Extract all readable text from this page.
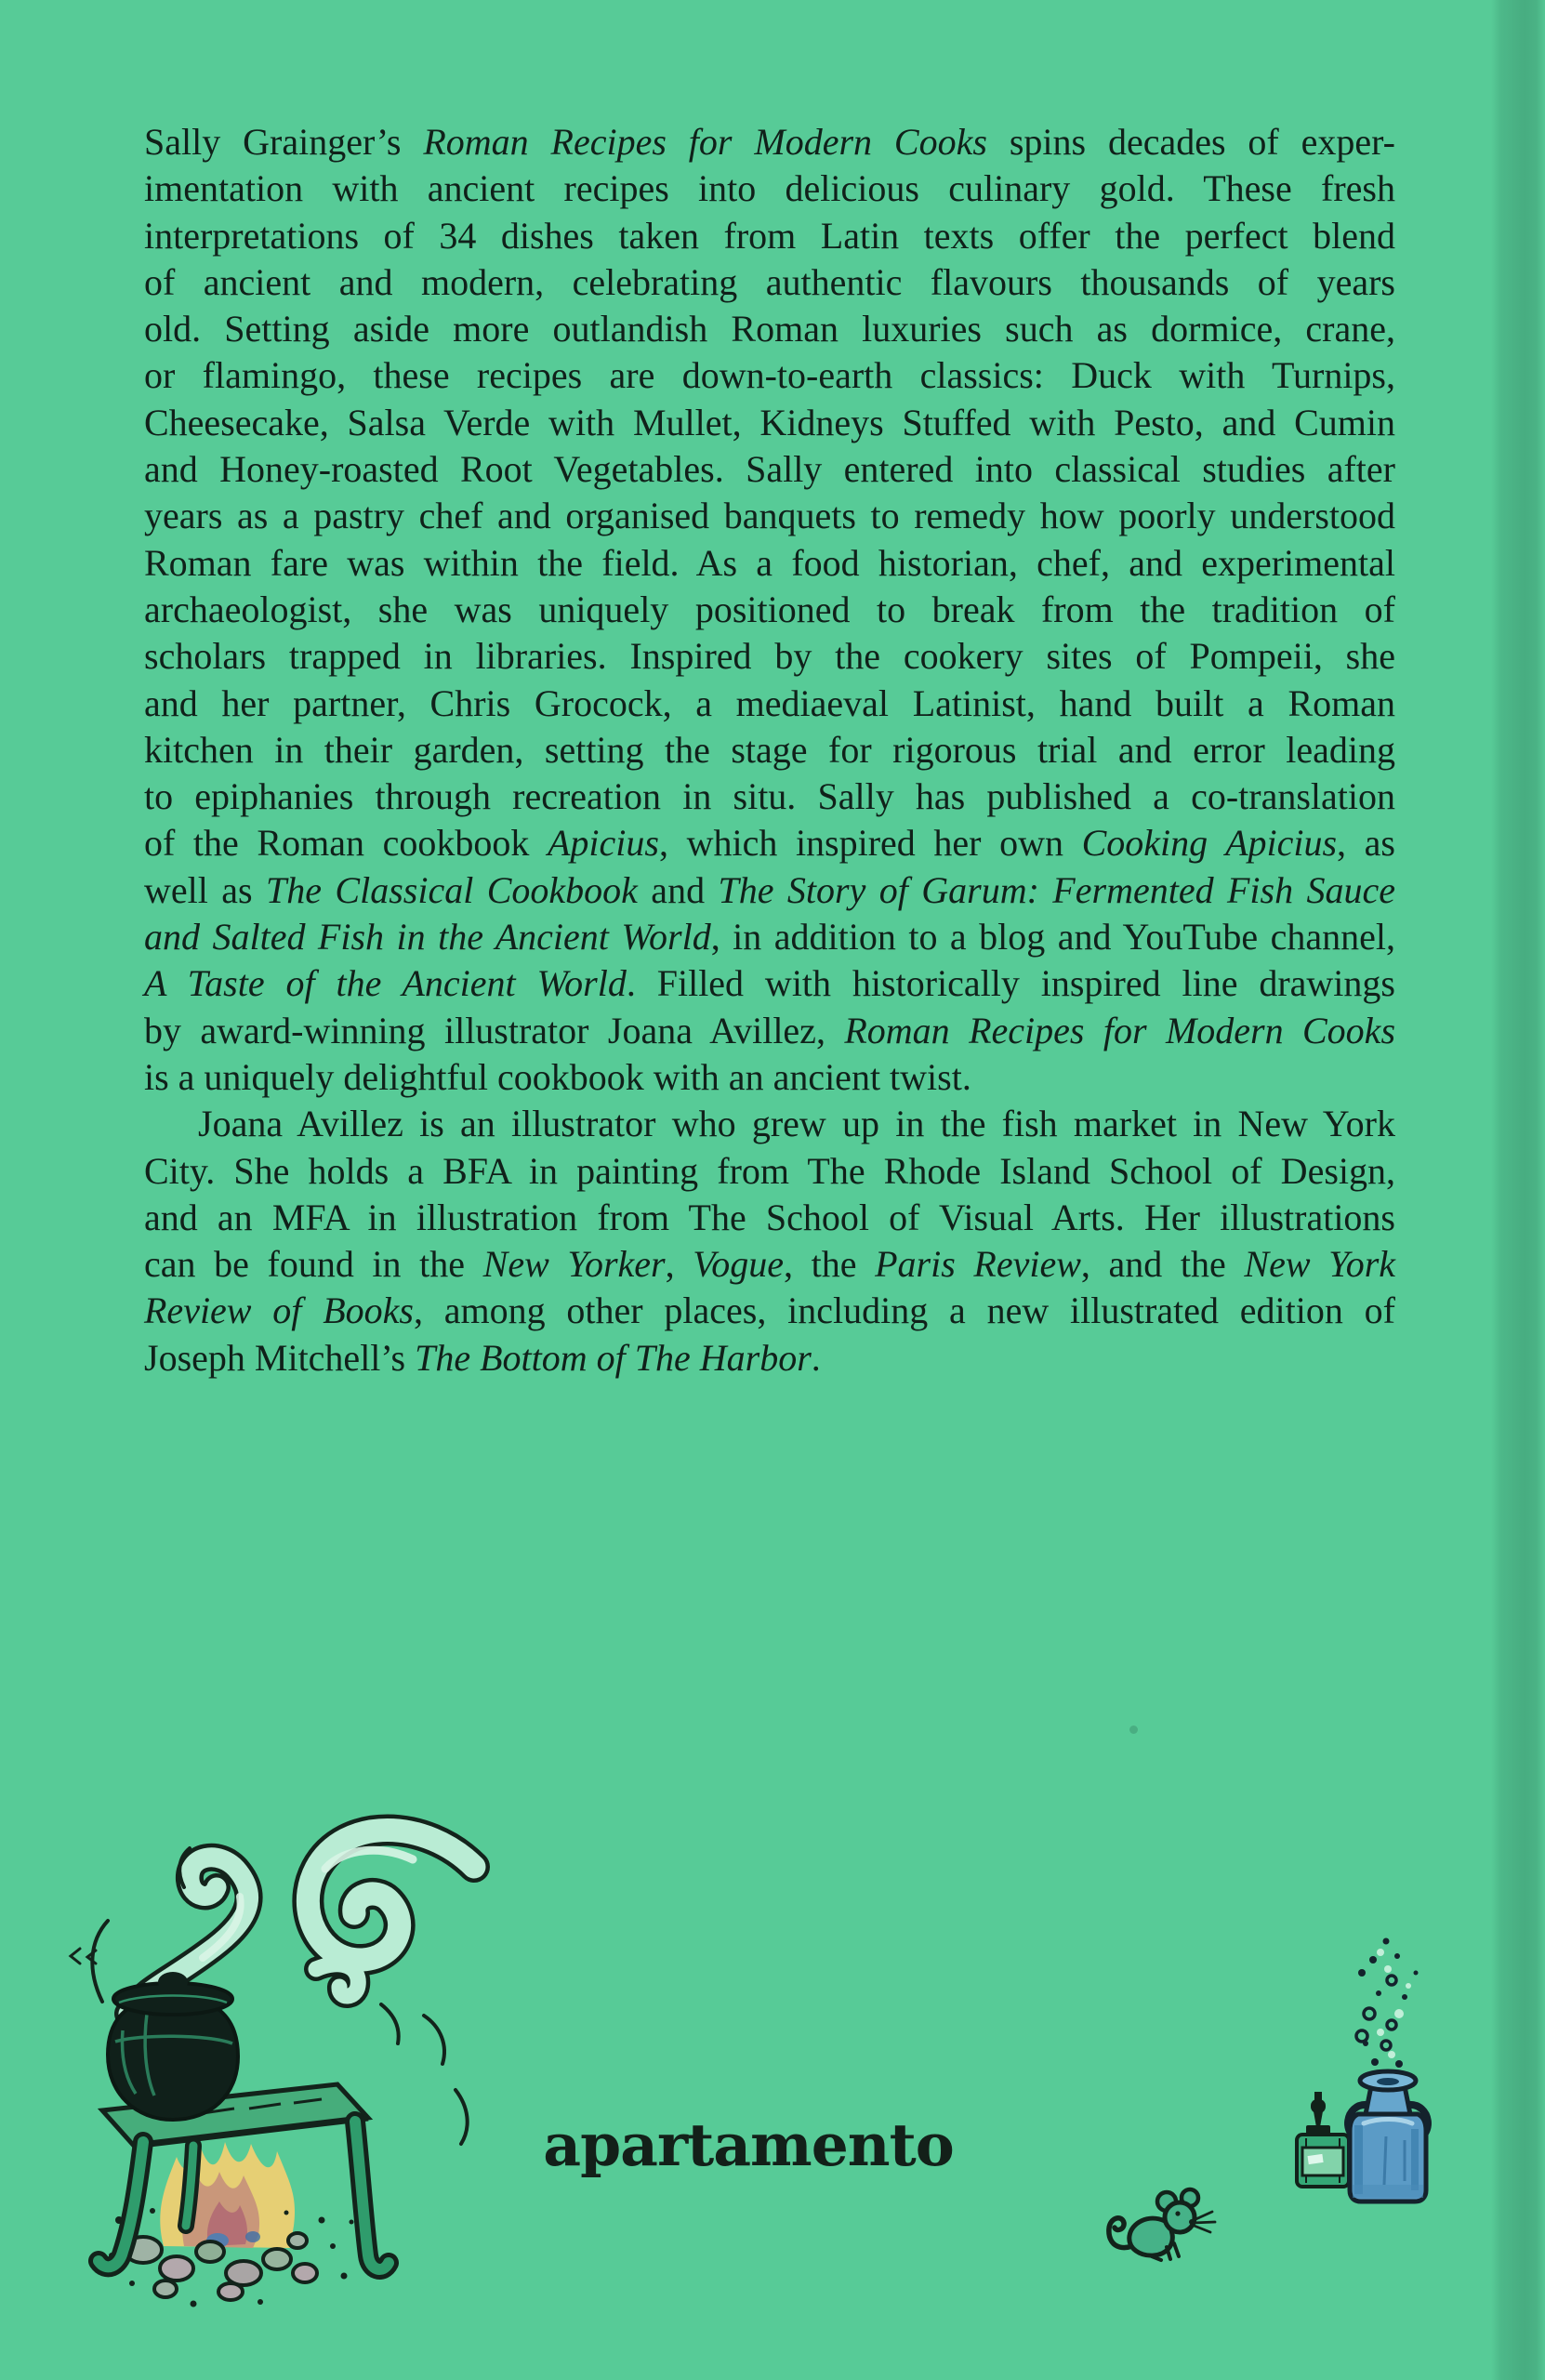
Sally Grainger’s Roman Recipes for Modern Cooks spins decades of exper-
imentation with ancient recipes into delicious culinary gold. These fresh
interpretations of 34 dishes taken from Latin texts offer the perfect blend
of ancient and modern, celebrating authentic flavours thousands of years
old. Setting aside more outlandish Roman luxuries such as dormice, crane,
or flamingo, these recipes are down-to-earth classics: Duck with Turnips,
Cheesecake, Salsa Verde with Mullet, Kidneys Stuffed with Pesto, and Cumin
and Honey-roasted Root Vegetables. Sally entered into classical studies after
years as a pastry chef and organised banquets to remedy how poorly understood
Roman fare was within the field. As a food historian, chef, and experimental
archaeologist, she was uniquely positioned to break from the tradition of
scholars trapped in libraries. Inspired by the cookery sites of Pompeii, she
and her partner, Chris Grocock, a mediaeval Latinist, hand built a Roman
kitchen in their garden, setting the stage for rigorous trial and error leading
to epiphanies through recreation in situ. Sally has published a co-translation
of the Roman cookbook Apicius, which inspired her own Cooking Apicius, as
well as The Classical Cookbook and The Story of Garum: Fermented Fish Sauce
and Salted Fish in the Ancient World, in addition to a blog and YouTube channel,
A Taste of the Ancient World. Filled with historically inspired line drawings
by award-winning illustrator Joana Avillez, Roman Recipes for Modern Cooks
is a uniquely delightful cookbook with an ancient twist.
Joana Avillez is an illustrator who grew up in the fish market in New York
City. She holds a BFA in painting from The Rhode Island School of Design,
and an MFA in illustration from The School of Visual Arts. Her illustrations
can be found in the New Yorker, Vogue, the Paris Review, and the New York
Review of Books, among other places, including a new illustrated edition of
Joseph Mitchell’s The Bottom of The Harbor.
apartamento
